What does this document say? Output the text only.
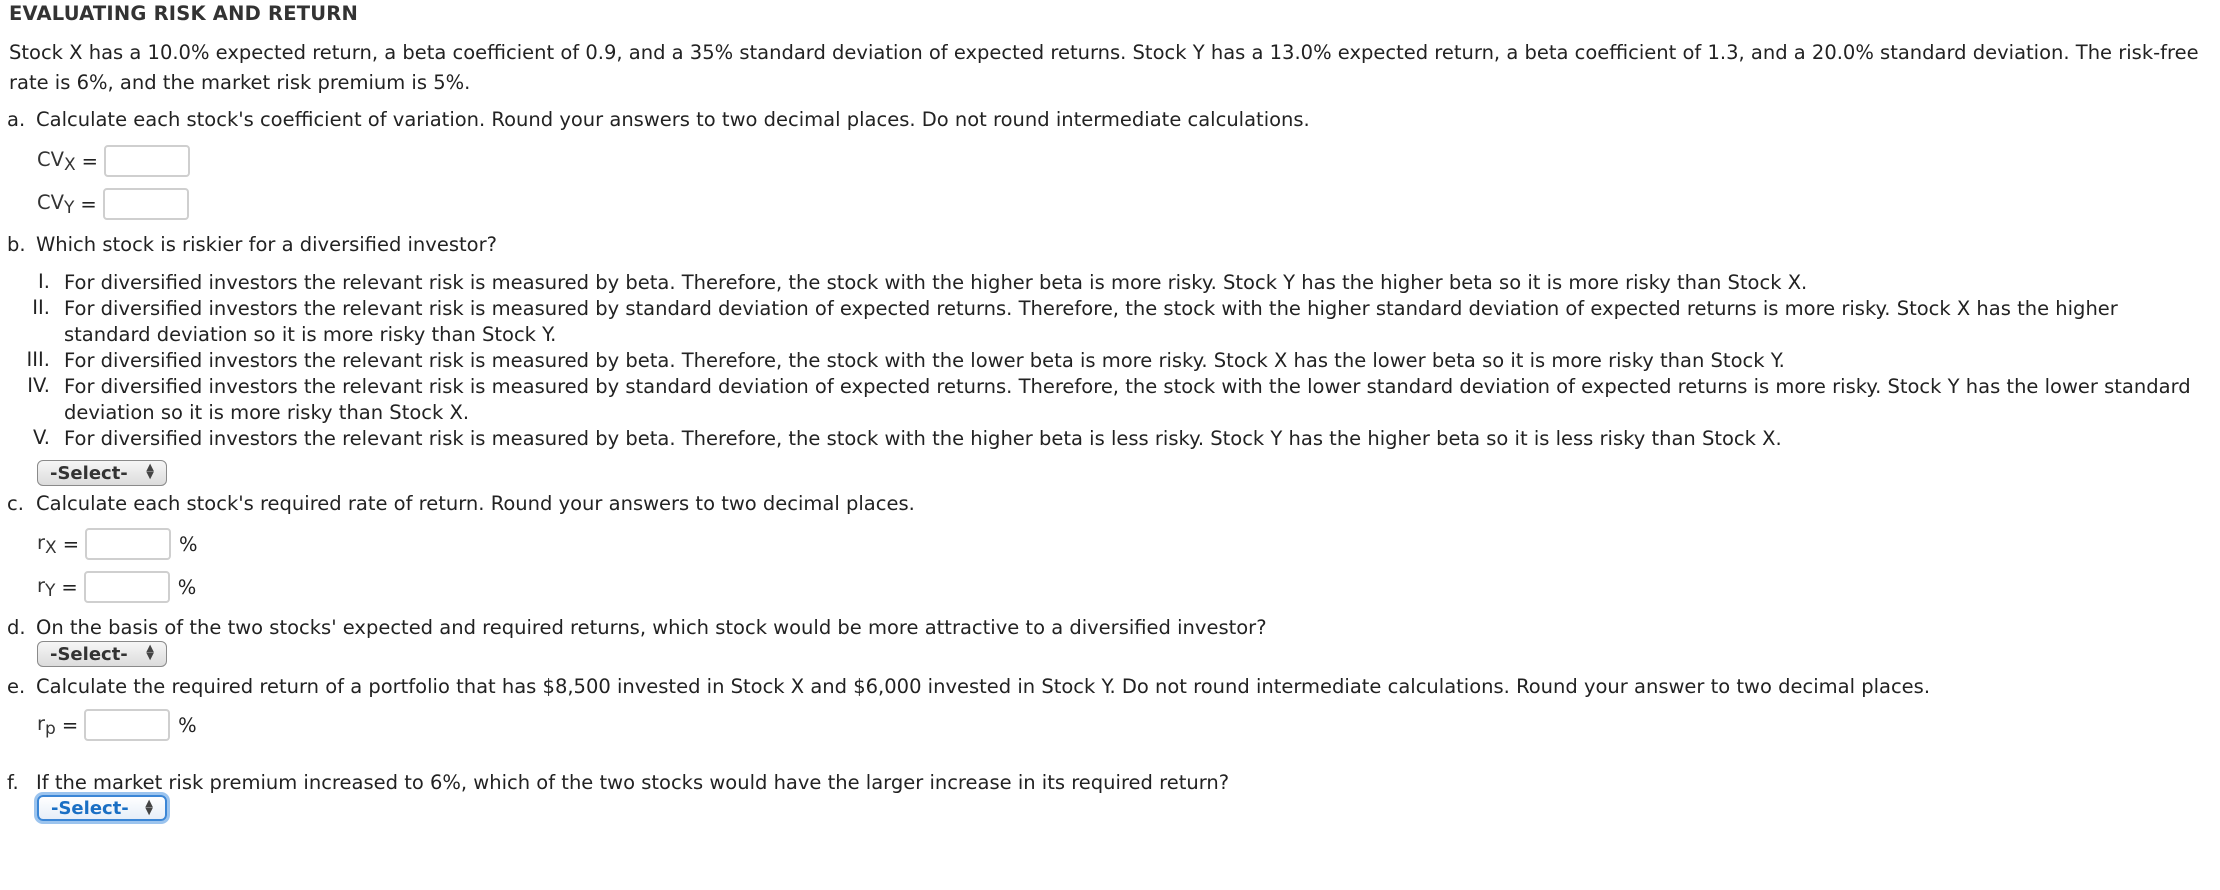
EVALUATING RISK AND RETURN
Stock X has a 10.0% expected return, a beta coefficient of 0.9, and a 35% standard deviation of expected returns. Stock Y has a 13.0% expected return, a beta coefficient of 1.3, and a 20.0% standard deviation. The risk-free rate is 6%, and the market risk premium is 5%.
a. Calculate each stock's coefficient of variation. Round your answers to two decimal places. Do not round intermediate calculations.
$CV_X$ =
$CV_Y$ =
b. Which stock is riskier for a diversified investor?
I. For diversified investors the relevant risk is measured by beta. Therefore, the stock with the higher beta is more risky. Stock Y has the higher beta so it is more risky than Stock X.
II. For diversified investors the relevant risk is measured by standard deviation of expected returns. Therefore, the stock with the higher standard deviation of expected returns is more risky. Stock X has the higher standard deviation so it is more risky than Stock Y.
III. For diversified investors the relevant risk is measured by beta. Therefore, the stock with the lower beta is more risky. Stock X has the lower beta so it is more risky than Stock Y.
IV. For diversified investors the relevant risk is measured by standard deviation of expected returns. Therefore, the stock with the lower standard deviation of expected returns is more risky. Stock Y has the lower standard deviation so it is more risky than Stock X.
V. For diversified investors the relevant risk is measured by beta. Therefore, the stock with the higher beta is less risky. Stock Y has the higher beta so it is less risky than Stock X.
-Select- ▲
▼
c. Calculate each stock's required rate of return. Round your answers to two decimal places.
$r_X$ =	%
$r_Y$ =	%
d. On the basis of the two stocks' expected and required returns, which stock would be more attractive to a diversified investor?
-Select- ▲
▼
e. Calculate the required return of a portfolio that has $8,500 invested in Stock X and $6,000 invested in Stock Y. Do not round intermediate calculations. Round your answer to two decimal places.
$r_p$ =	%
f. If the market risk premium increased to 6%, which of the two stocks would have the larger increase in its required return?
-Select- ▲
▼
